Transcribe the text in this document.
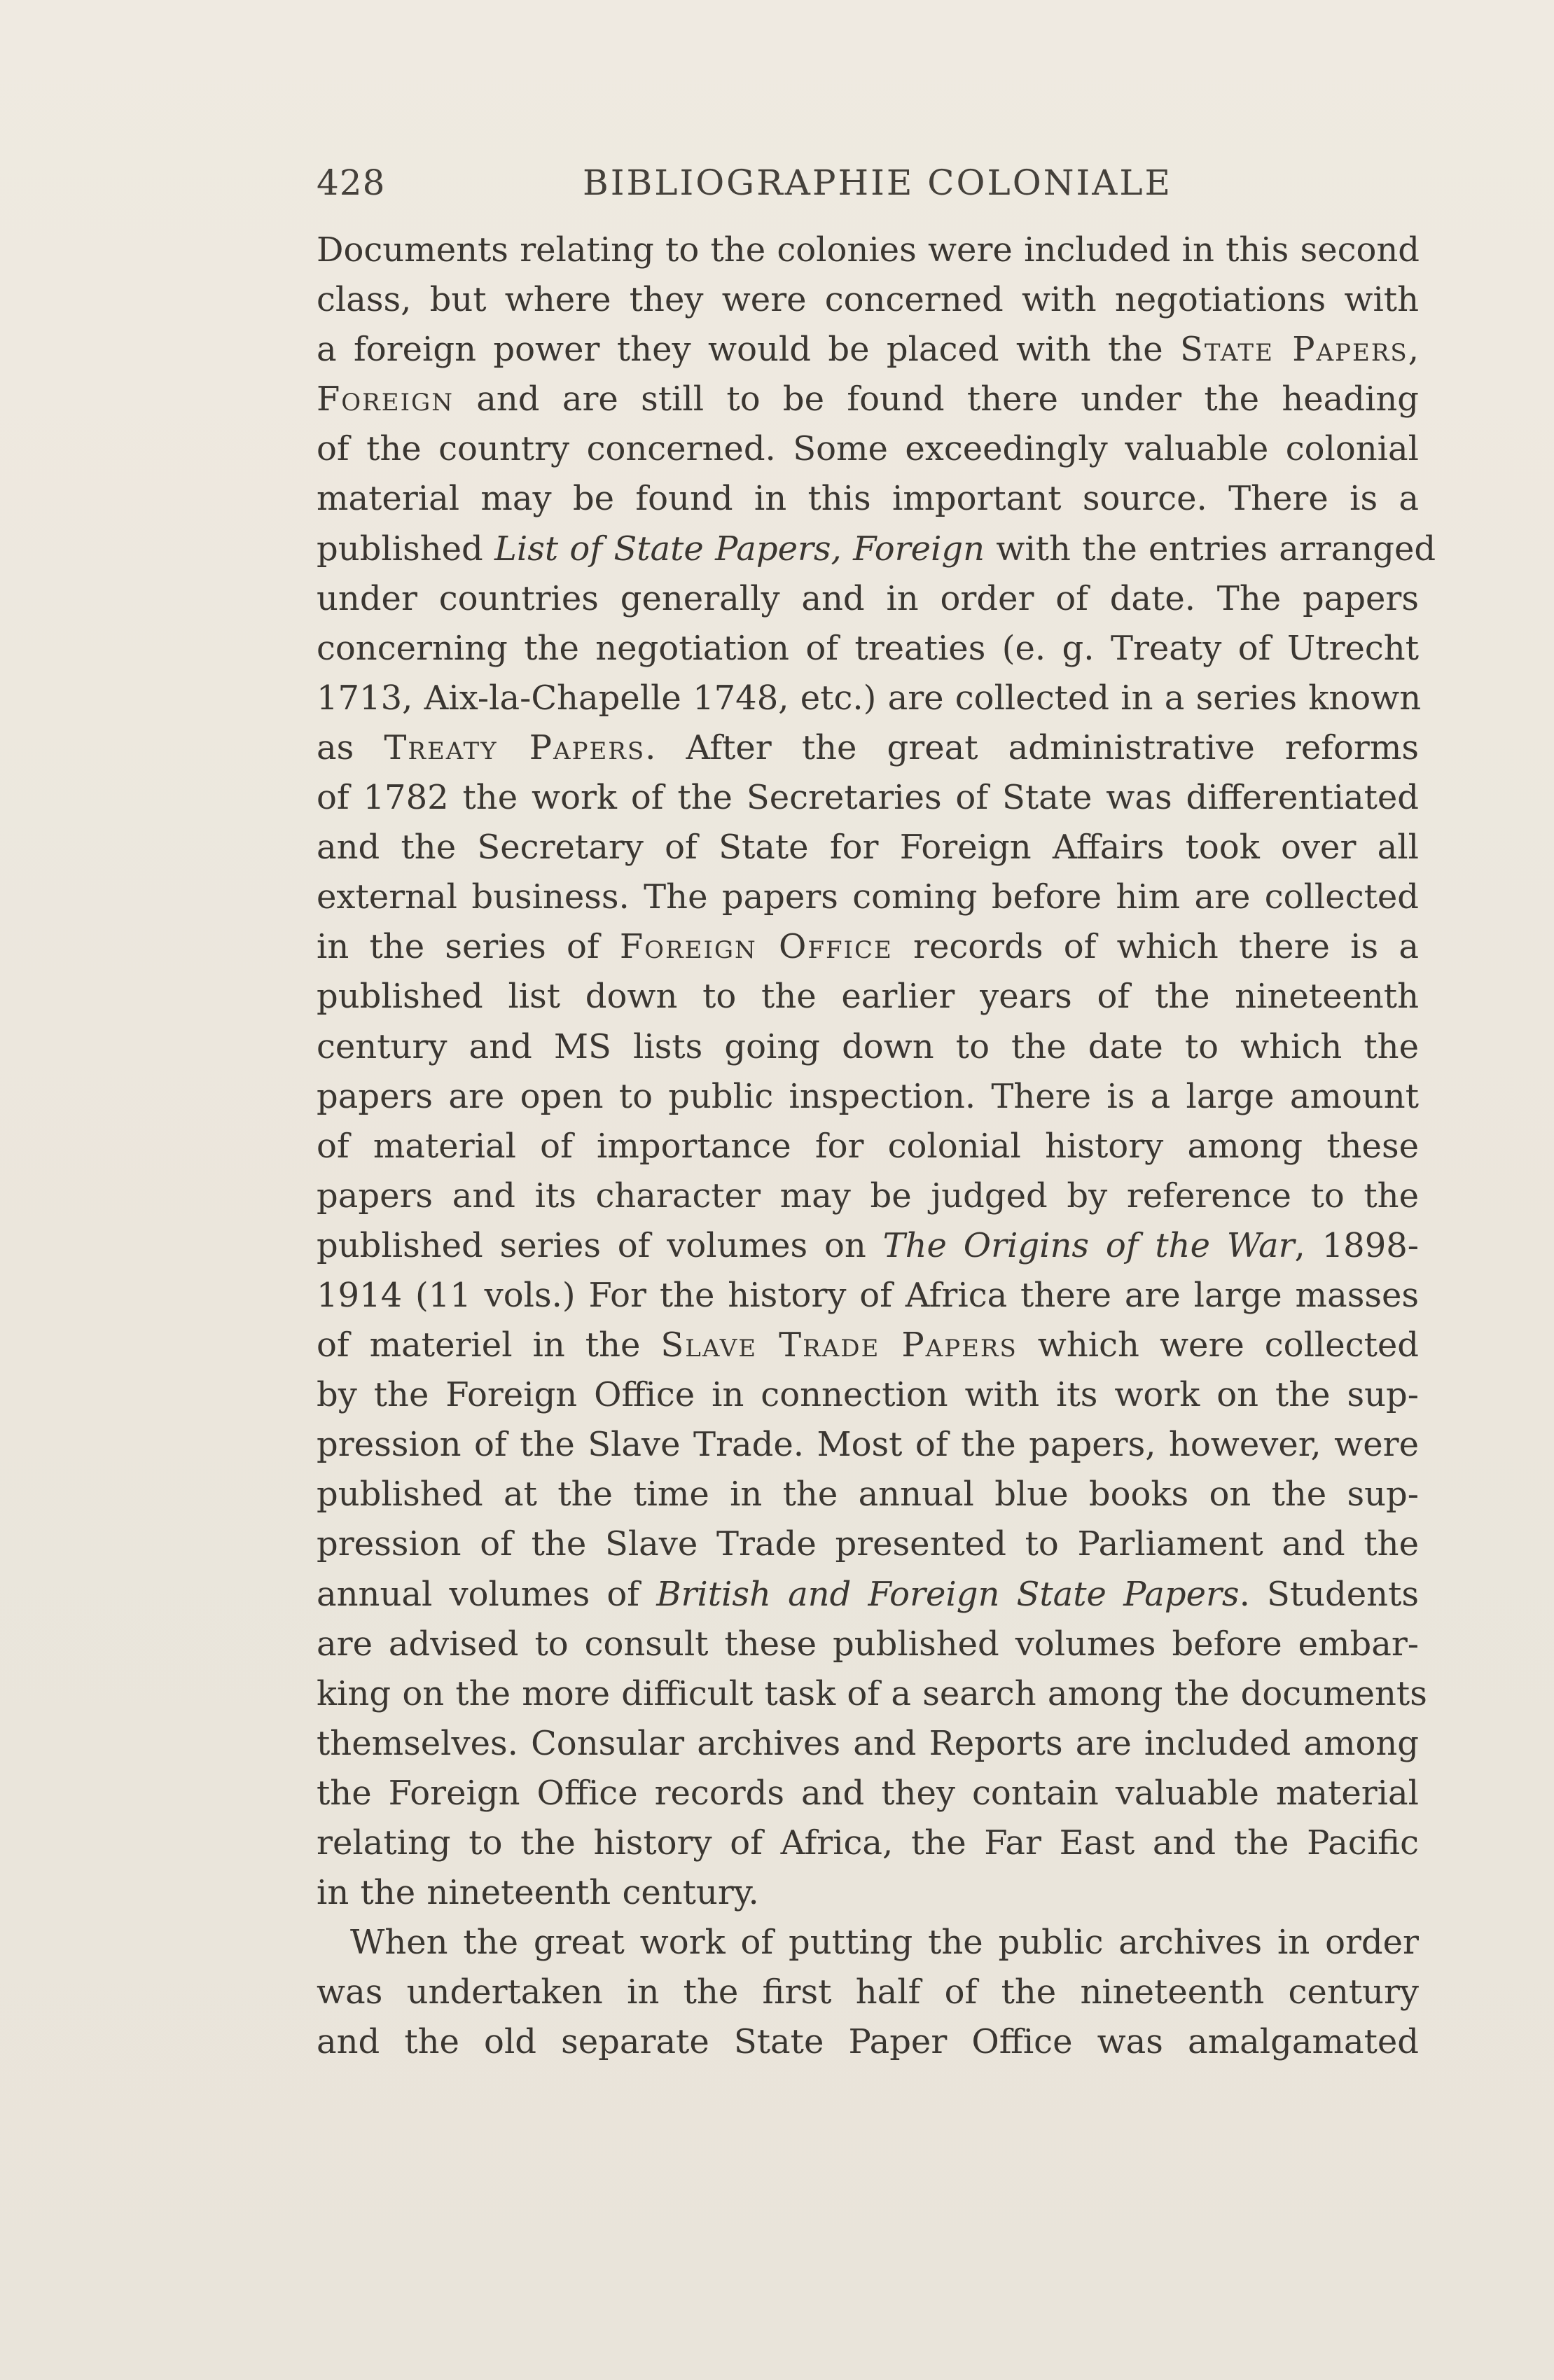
428	BIBLIOGRAPHIE COLONIALE
Documents relating to the colonies were included in this second
class, but where they were concerned with negotiations with
a foreign power they would be placed with the State Papers,
Foreign and are still to be found there under the heading
of the country concerned. Some exceedingly valuable colonial
material may be found in this important source. There is a
published List of State Papers, Foreign with the entries arranged
under countries generally and in order of date. The papers
concerning the negotiation of treaties (e. g. Treaty of Utrecht
1713, Aix-la-Chapelle 1748, etc.) are collected in a series known
as Treaty Papers. After the great administrative reforms
of 1782 the work of the Secretaries of State was differentiated
and the Secretary of State for Foreign Affairs took over all
external business. The papers coming before him are collected
in the series of Foreign Office records of which there is a
published list down to the earlier years of the nineteenth
century and MS lists going down to the date to which the
papers are open to public inspection. There is a large amount
of material of importance for colonial history among these
papers and its character may be judged by reference to the
published series of volumes on The Origins of the War, 1898-
1914 (11 vols.) For the history of Africa there are large masses
of materiel in the Slave Trade Papers which were collected
by the Foreign Office in connection with its work on the sup-
pression of the Slave Trade. Most of the papers, however, were
published at the time in the annual blue books on the sup-
pression of the Slave Trade presented to Parliament and the
annual volumes of British and Foreign State Papers. Students
are advised to consult these published volumes before embar-
king on the more difficult task of a search among the documents
themselves. Consular archives and Reports are included among
the Foreign Office records and they contain valuable material
relating to the history of Africa, the Far East and the Pacific
in the nineteenth century.
When the great work of putting the public archives in order
was undertaken in the first half of the nineteenth century
and the old separate State Paper Office was amalgamated
